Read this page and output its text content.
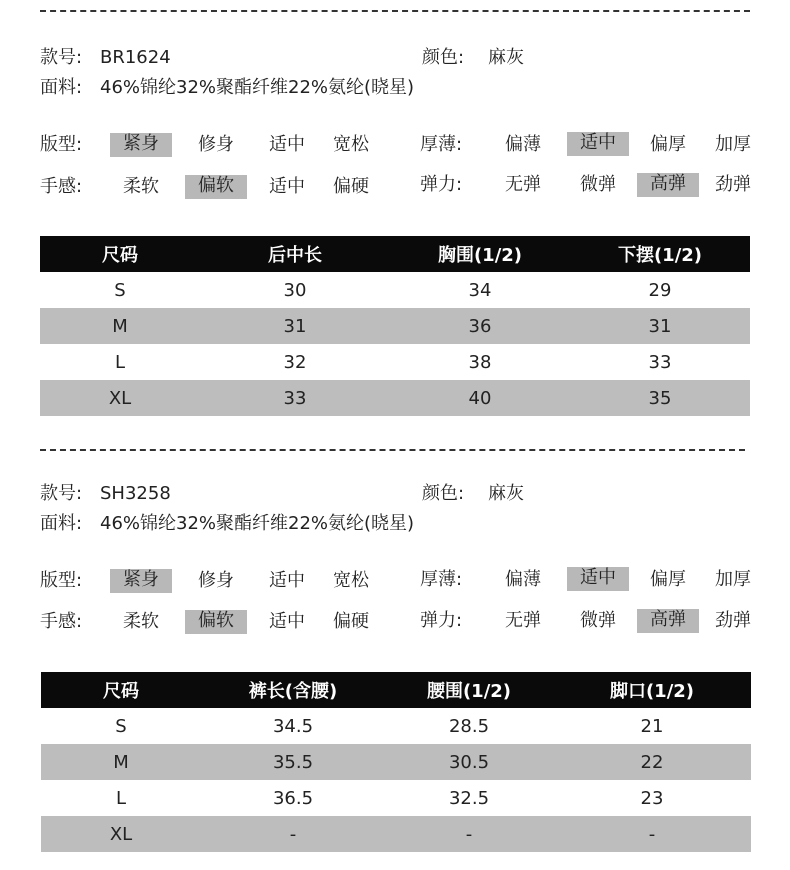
款号: BR1624	颜色: 麻灰
面料: 46%锦纶32%聚酯纤维22%氨纶(晓星)
版型:	紧身	修身	适中	宽松	厚薄:	偏薄	适中	偏厚	加厚
手感:	柔软	偏软	适中	偏硬	弹力:	无弹	微弹	高弹	劲弹
尺码	后中长	胸围(1/2)	下摆(1/2)
S	30	34	29
M	31	36	31
L	32	38	33
XL	33	40	35
款号: SH3258	颜色: 麻灰
面料: 46%锦纶32%聚酯纤维22%氨纶(晓星)
版型:	紧身	修身	适中	宽松	厚薄:	偏薄	适中	偏厚	加厚
手感:	柔软	偏软	适中	偏硬	弹力:	无弹	微弹	高弹	劲弹
尺码	裤长(含腰)	腰围(1/2)	脚口(1/2)
S	34.5	28.5	21
M	35.5	30.5	22
L	36.5	32.5	23
XL	-	-	-
